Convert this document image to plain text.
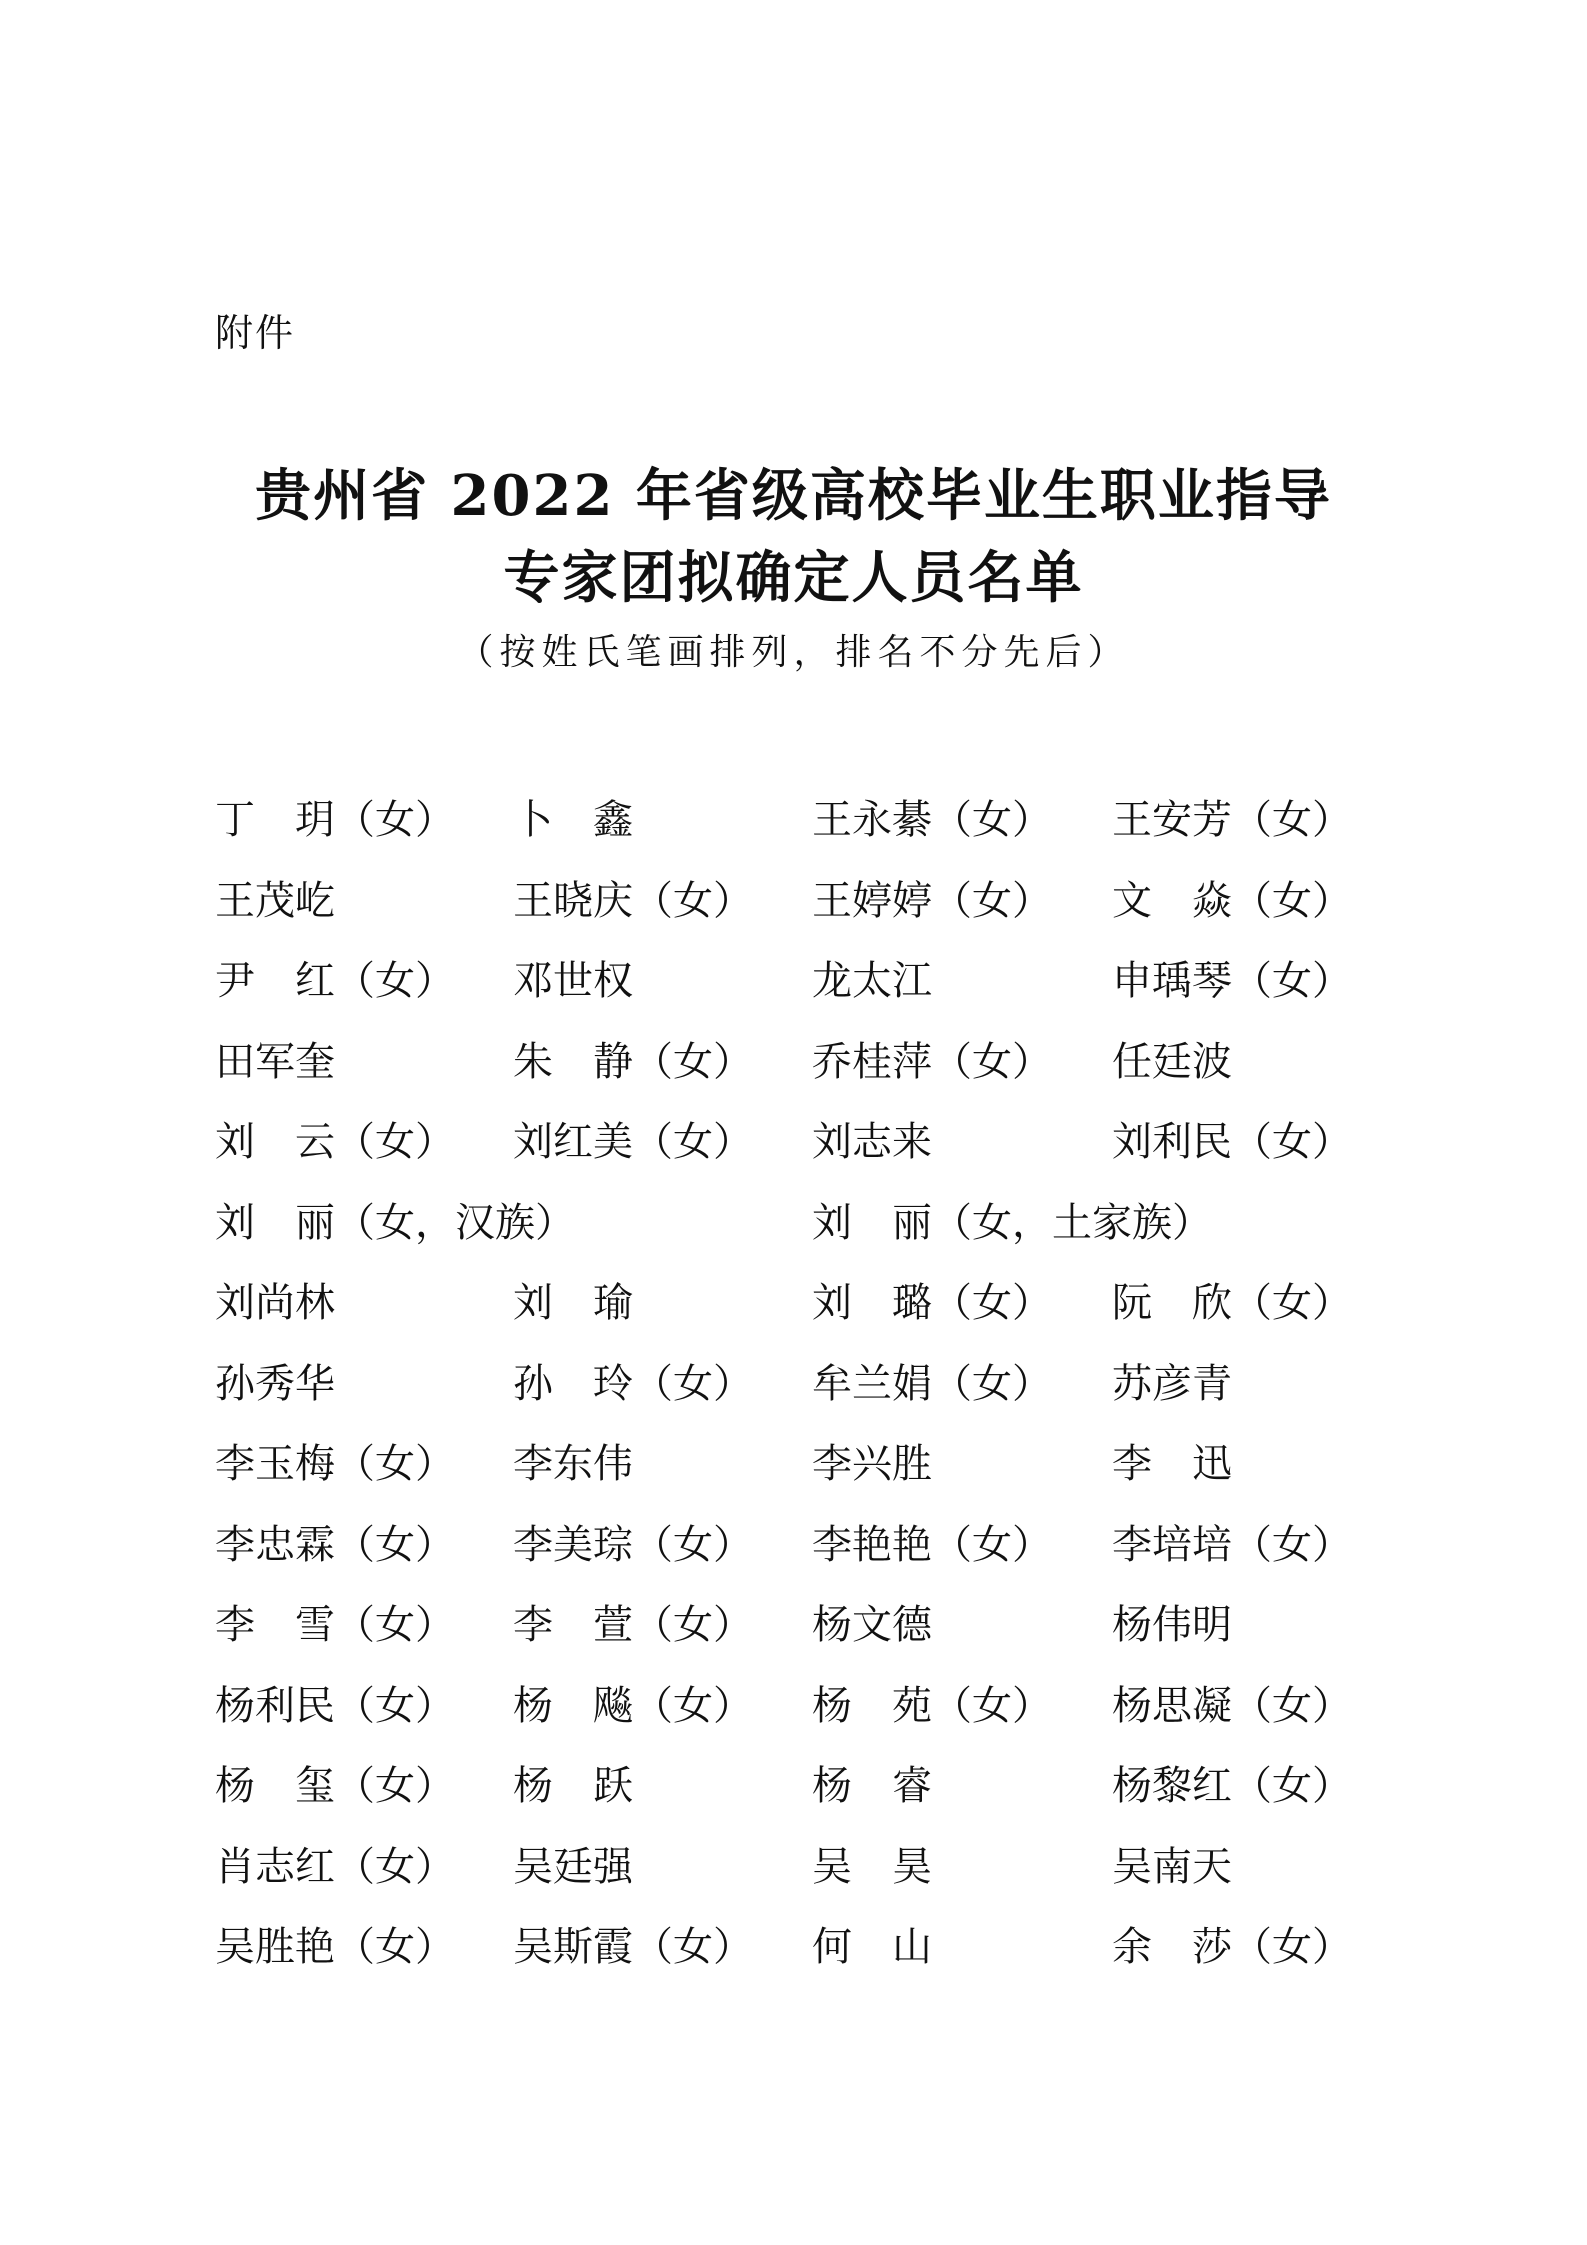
附件
贵州省 2022 年省级高校毕业生职业指导
专家团拟确定人员名单
（按姓氏笔画排列，排名不分先后）
丁　玥（女） 卜　鑫	王永綦（女） 王安芳（女）
王茂屹	王晓庆（女） 王婷婷（女） 文　焱（女）
尹　红（女） 邓世权	龙太江	申瑀琴（女）
田军奎	朱　静（女） 乔桂萍（女） 任廷波
刘　云（女） 刘红美（女） 刘志来	刘利民（女）
刘　丽（女，汉族）	刘　丽（女，土家族）
刘尚林	刘　瑜	刘　璐（女） 阮　欣（女）
孙秀华	孙　玲（女） 牟兰娟（女） 苏彦青
李玉梅（女） 李东伟	李兴胜	李　迅
李忠霖（女） 李美琮（女） 李艳艳（女） 李培培（女）
李　雪（女） 李　萱（女） 杨文德	杨伟明
杨利民（女） 杨　飚（女） 杨　苑（女） 杨思凝（女）
杨　玺（女） 杨　跃	杨　睿	杨黎红（女）
肖志红（女） 吴廷强	吴　昊	吴南天
吴胜艳（女） 吴斯霞（女） 何　山	余　莎（女）
